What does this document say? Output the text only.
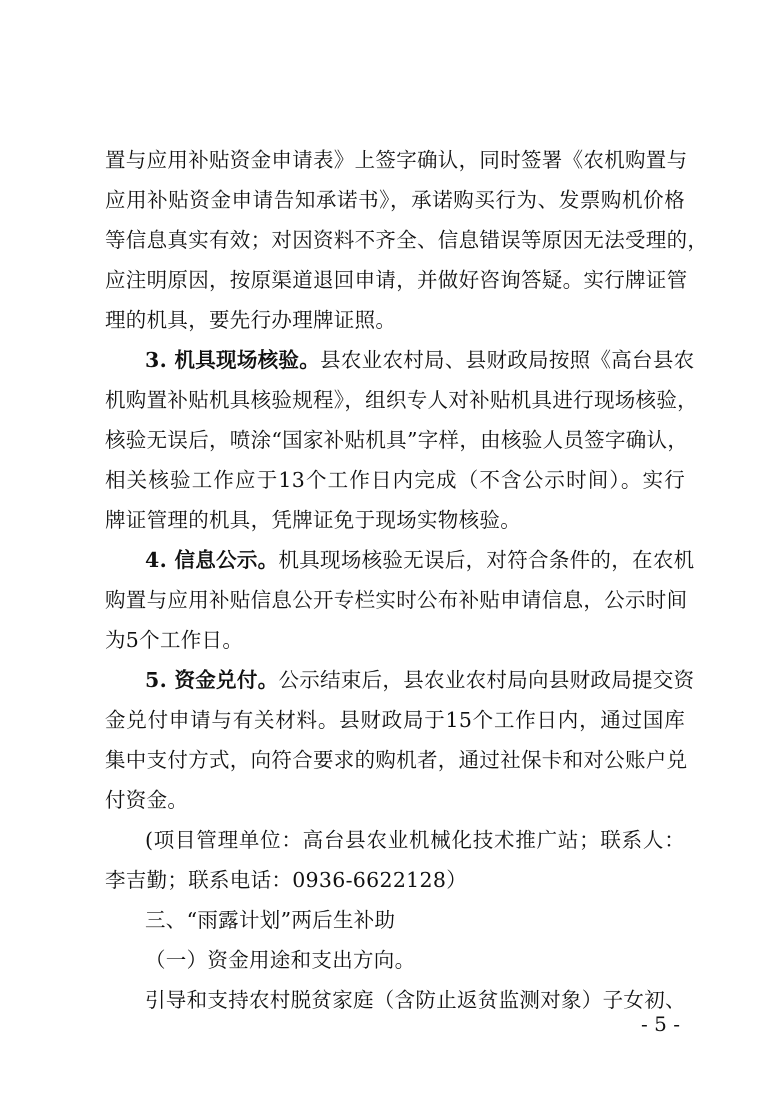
置与应用补贴资金申请表》上签字确认，同时签署《农机购置与
应用补贴资金申请告知承诺书》，承诺购买行为、发票购机价格
等信息真实有效；对因资料不齐全、信息错误等原因无法受理的，
应注明原因，按原渠道退回申请，并做好咨询答疑。实行牌证管
理的机具，要先行办理牌证照。
3. 机具现场核验。县农业农村局、县财政局按照《高台县农
机购置补贴机具核验规程》，组织专人对补贴机具进行现场核验，
核验无误后，喷涂“国家补贴机具”字样，由核验人员签字确认，
相关核验工作应于13个工作日内完成（不含公示时间）。实行
牌证管理的机具，凭牌证免于现场实物核验。
4. 信息公示。机具现场核验无误后，对符合条件的，在农机
购置与应用补贴信息公开专栏实时公布补贴申请信息，公示时间
为5个工作日。
5. 资金兑付。公示结束后，县农业农村局向县财政局提交资
金兑付申请与有关材料。县财政局于15个工作日内，通过国库
集中支付方式，向符合要求的购机者，通过社保卡和对公账户兑
付资金。
(项目管理单位：高台县农业机械化技术推广站；联系人：
李吉勤；联系电话：0936-6622128）
三、“雨露计划”两后生补助
（一）资金用途和支出方向。
引导和支持农村脱贫家庭（含防止返贫监测对象）子女初、
- 5 -
